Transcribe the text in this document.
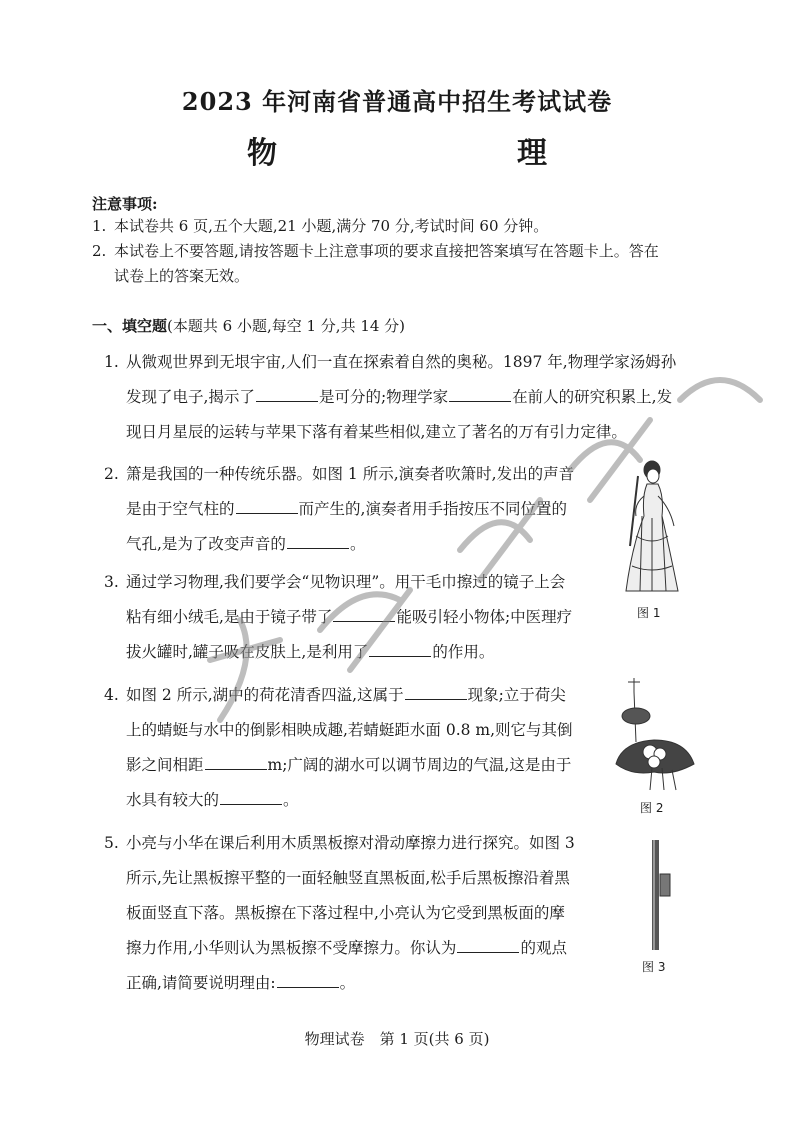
2023 年河南省普通高中招生考试试卷
物　　理
注意事项:
1. 本试卷共 6 页,五个大题,21 小题,满分 70 分,考试时间 60 分钟。
2. 本试卷上不要答题,请按答题卡上注意事项的要求直接把答案填写在答题卡上。答在
试卷上的答案无效。
一、填空题(本题共 6 小题,每空 1 分,共 14 分)
1. 从微观世界到无垠宇宙,人们一直在探索着自然的奥秘。1897 年,物理学家汤姆孙
发现了电子,揭示了	是可分的;物理学家	在前人的研究积累上,发
现日月星辰的运转与苹果下落有着某些相似,建立了著名的万有引力定律。
2. 箫是我国的一种传统乐器。如图 1 所示,演奏者吹箫时,发出的声音
是由于空气柱的	而产生的,演奏者用手指按压不同位置的
气孔,是为了改变声音的	。
3. 通过学习物理,我们要学会“见物识理”。用干毛巾擦过的镜子上会
粘有细小绒毛,是由于镜子带了	能吸引轻小物体;中医理疗
拔火罐时,罐子吸在皮肤上,是利用了	的作用。
4. 如图 2 所示,湖中的荷花清香四溢,这属于	现象;立于荷尖
上的蜻蜓与水中的倒影相映成趣,若蜻蜓距水面 0.8 m,则它与其倒
影之间相距	m;广阔的湖水可以调节周边的气温,这是由于
水具有较大的	。
5. 小亮与小华在课后利用木质黑板擦对滑动摩擦力进行探究。如图 3
所示,先让黑板擦平整的一面轻触竖直黑板面,松手后黑板擦沿着黑
板面竖直下落。黑板擦在下落过程中,小亮认为它受到黑板面的摩
擦力作用,小华则认为黑板擦不受摩擦力。你认为	的观点
正确,请简要说明理由:	。
图 1
图 2
图 3
物理试卷　第 1 页(共 6 页)
